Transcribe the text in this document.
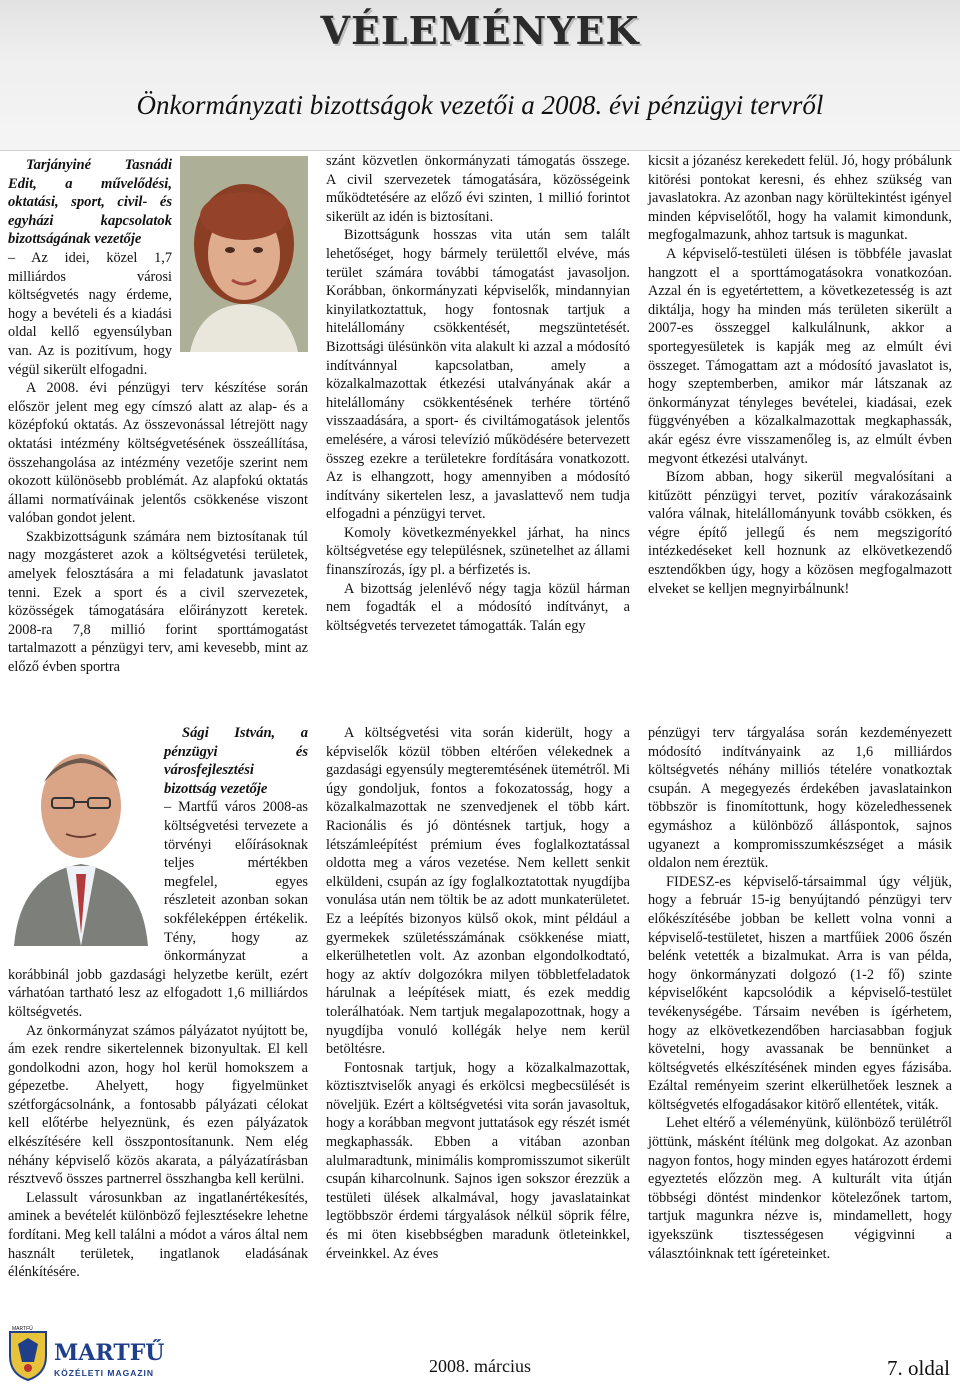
VÉLEMÉNYEK
Önkormányzati bizottságok vezetői a 2008. évi pénzügyi tervről

Tarjányiné Tasnádi Edit, a művelődési, oktatási, sport, civil- és egyházi kapcsolatok bizottságának vezetője

– Az idei, közel 1,7 milliárdos városi költségvetés nagy érdeme, hogy a bevételi és a kiadási oldal kellő egyensúlyban van. Az is pozitívum, hogy végül sikerült elfogadni.

A 2008. évi pénzügyi terv készítése során először jelent meg egy címszó alatt az alap- és a középfokú oktatás. Az összevonással létrejött nagy oktatási intézmény költségvetésének összeállítása, összehangolása az intézmény vezetője szerint nem okozott különösebb problémát. Az alapfokú oktatás állami normatíváinak jelentős csökkenése viszont valóban gondot jelent.

Szakbizottságunk számára nem biztosítanak túl nagy mozgásteret azok a költségvetési területek, amelyek felosztására a mi feladatunk javaslatot tenni. Ezek a sport és a civil szervezetek, közösségek támogatására előirányzott keretek. 2008-ra 7,8 millió forint sporttámogatást tartalmazott a pénzügyi terv, ami kevesebb, mint az előző évben sportra

szánt közvetlen önkormányzati támogatás összege. A civil szervezetek támogatására, közösségeink működtetésére az előző évi szinten, 1 millió forintot sikerült az idén is biztosítani.

Bizottságunk hosszas vita után sem talált lehetőséget, hogy bármely területtől elvéve, más terület számára további támogatást javasoljon. Korábban, önkormányzati képviselők, mindannyian kinyilatkoztattuk, hogy fontosnak tartjuk a hitelállomány csökkentését, megszüntetését. Bizottsági ülésünkön vita alakult ki azzal a módosító indítvánnyal kapcsolatban, amely a közalkalmazottak étkezési utalványának akár a hitelállomány csökkentésének terhére történő visszaadására, a sport- és civiltámogatások jelentős emelésére, a városi televízió működésére betervezett összeg ezekre a területekre fordítására vonatkozott. Az is elhangzott, hogy amennyiben a módosító indítvány sikertelen lesz, a javaslattevő nem tudja elfogadni a pénzügyi tervet.

Komoly következményekkel járhat, ha nincs költségvetése egy településnek, szünetelhet az állami finanszírozás, így pl. a bérfizetés is.

A bizottság jelenlévő négy tagja közül hárman nem fogadták el a módosító indítványt, a költségvetés tervezetet támogatták. Talán egy

kicsit a józanész kerekedett felül. Jó, hogy próbálunk kitörési pontokat keresni, és ehhez szükség van javaslatokra. Az azonban nagy körültekintést igényel minden képviselőtől, hogy ha valamit kimondunk, megfogalmazunk, ahhoz tartsuk is magunkat.

A képviselő-testületi ülésen is többféle javaslat hangzott el a sporttámogatásokra vonatkozóan. Azzal én is egyetértettem, a következetesség is azt diktálja, hogy ha minden más területen sikerült a 2007-es összeggel kalkulálnunk, akkor a sportegyesületek is kapják meg az elmúlt évi összeget. Támogattam azt a módosító javaslatot is, hogy szeptemberben, amikor már látszanak az önkormányzat tényleges bevételei, kiadásai, ezek függvényében a közalkalmazottak megkaphassák, akár egész évre visszamenőleg is, az elmúlt évben megvont étkezési utalványt.

Bízom abban, hogy sikerül megvalósítani a kitűzött pénzügyi tervet, pozitív várakozásaink valóra válnak, hitelállományunk tovább csökken, és végre építő jellegű és nem megszigorító intézkedéseket kell hoznunk az elkövetkezendő esztendőkben úgy, hogy a közösen megfogalmazott elveket se kelljen megnyirbálnunk!

Sági István, a pénzügyi és városfejlesztési bizottság vezetője

– Martfű város 2008-as költségvetési tervezete a törvényi előírásoknak teljes mértékben megfelel, egyes részleteit azonban sokan sokféleképpen értékelik. Tény, hogy az önkormányzat a korábbinál jobb gazdasági helyzetbe került, ezért várhatóan tartható lesz az elfogadott 1,6 milliárdos költségvetés.

Az önkormányzat számos pályázatot nyújtott be, ám ezek rendre sikertelennek bizonyultak. El kell gondolkodni azon, hogy hol kerül homokszem a gépezetbe. Ahelyett, hogy figyelmünket szétforgácsolnánk, a fontosabb pályázati célokat kell előtérbe helyeznünk, és ezen pályázatok elkészítésére kell összpontosítanunk. Nem elég néhány képviselő közös akarata, a pályázatírásban résztvevő összes partnerrel összhangba kell kerülni.

Lelassult városunkban az ingatlanértékesítés, aminek a bevételét különböző fejlesztésekre lehetne fordítani. Meg kell találni a módot a város által nem használt területek, ingatlanok eladásának élénkítésére.

A költségvetési vita során kiderült, hogy a képviselők közül többen eltérően vélekednek a gazdasági egyensúly megteremtésének ütemétről. Mi úgy gondoljuk, fontos a fokozatosság, hogy a közalkalmazottak ne szenvedjenek el több kárt. Racionális és jó döntésnek tartjuk, hogy a létszámleépítést prémium éves foglalkoztatással oldotta meg a város vezetése. Nem kellett senkit elküldeni, csupán az így foglalkoztatottak nyugdíjba vonulása után nem töltik be az adott munkaterületet. Ez a leépítés bizonyos külső okok, mint például a gyermekek születésszámának csökkenése miatt, elkerülhetetlen volt. Az azonban elgondolkodtató, hogy az aktív dolgozókra milyen többletfeladatok hárulnak a leépítések miatt, és ezek meddig tolerálhatóak. Nem tartjuk megalapozottnak, hogy a nyugdíjba vonuló kollégák helye nem kerül betöltésre.

Fontosnak tartjuk, hogy a közalkalmazottak, köztisztviselők anyagi és erkölcsi megbecsülését is növeljük. Ezért a költségvetési vita során javasoltuk, hogy a korábban megvont juttatások egy részét ismét megkaphassák. Ebben a vitában azonban alulmaradtunk, minimális kompromisszumot sikerült csupán kiharcolnunk. Sajnos igen sokszor érezzük a testületi ülések alkalmával, hogy javaslatainkat legtöbbször érdemi tárgyalások nélkül söprik félre, és mi öten kisebbségben maradunk ötleteinkkel, érveinkkel. Az éves

pénzügyi terv tárgyalása során kezdeményezett módosító indítványaink az 1,6 milliárdos költségvetés néhány milliós tételére vonatkoztak csupán. A megegyezés érdekében javaslatainkon többször is finomítottunk, hogy közeledhessenek egymáshoz a különböző álláspontok, sajnos ugyanezt a kompromisszumkészséget a másik oldalon nem éreztük.

FIDESZ-es képviselő-társaimmal úgy véljük, hogy a február 15-ig benyújtandó pénzügyi terv előkészítésébe jobban be kellett volna vonni a képviselő-testületet, hiszen a martfűiek 2006 őszén belénk vetették a bizalmukat. Arra is van példa, hogy önkormányzati dolgozó (1-2 fő) szinte képviselőként kapcsolódik a képviselő-testület tevékenységébe. Társaim nevében is ígérhetem, hogy az elkövetkezendőben harciasabban fogjuk követelni, hogy avassanak be bennünket a költségvetés elkészítésének minden egyes fázisába. Ezáltal reményeim szerint elkerülhetőek lesznek a költségvetés elfogadásakor kitörő ellentétek, viták.

Lehet eltérő a véleményünk, különböző terülétről jöttünk, másként ítélünk meg dolgokat. Az azonban nagyon fontos, hogy minden egyes határozott érdemi egyeztetés előzzön meg. A kulturált vita útján többségi döntést mindenkor kötelezőnek tartom, tartjuk magunkra nézve is, mindamellett, hogy igyekszünk tisztességesen végigvinni a választóinknak tett ígéreteinket.

MARTFŰ
MARTFŰ
KÖZÉLETI MAGAZIN	2008. március	7. oldal
